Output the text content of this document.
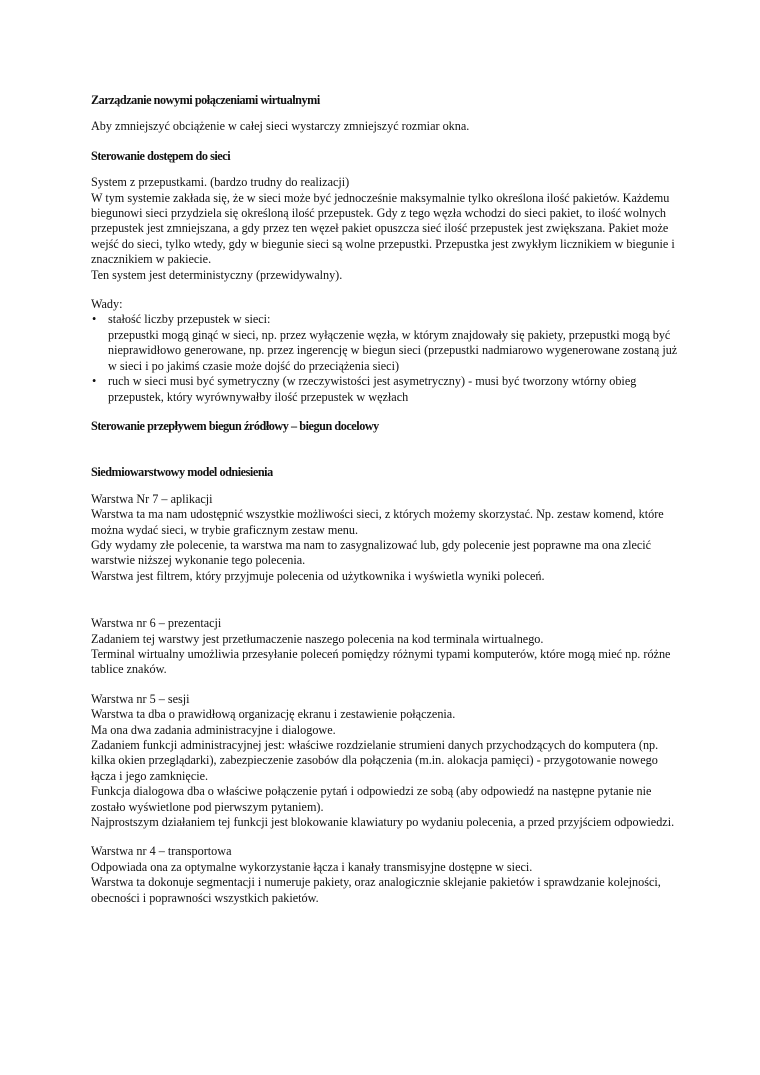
Zarządzanie nowymi połączeniami wirtualnymi

Aby zmniejszyć obciążenie w całej sieci wystarczy zmniejszyć rozmiar okna.

Sterowanie dostępem do sieci

System z przepustkami. (bardzo trudny do realizacji)

W tym systemie zakłada się, że w sieci może być jednocześnie maksymalnie tylko określona ilość pakietów. Każdemu biegunowi sieci przydziela się określoną ilość przepustek. Gdy z tego węzła wchodzi do sieci pakiet, to ilość wolnych przepustek jest zmniejszana, a gdy przez ten węzeł pakiet opuszcza sieć ilość przepustek jest zwiększana. Pakiet może wejść do sieci, tylko wtedy, gdy w biegunie sieci są wolne przepustki. Przepustka jest zwykłym licznikiem w biegunie i znacznikiem w pakiecie.

Ten system jest deterministyczny (przewidywalny).

Wady:

• stałość liczby przepustek w sieci:
przepustki mogą ginąć w sieci, np. przez wyłączenie węzła, w którym znajdowały się pakiety, przepustki mogą być nieprawidłowo generowane, np. przez ingerencję w biegun sieci (przepustki nadmiarowo wygenerowane zostaną już w sieci i po jakimś czasie może dojść do przeciążenia sieci)
• ruch w sieci musi być symetryczny (w rzeczywistości jest asymetryczny) - musi być tworzony wtórny obieg przepustek, który wyrównywałby ilość przepustek w węzłach

Sterowanie przepływem biegun źródłowy – biegun docelowy

Siedmiowarstwowy model odniesienia

Warstwa Nr 7 – aplikacji

Warstwa ta ma nam udostępnić wszystkie możliwości sieci, z których możemy skorzystać. Np. zestaw komend, które można wydać sieci, w trybie graficznym zestaw menu.

Gdy wydamy złe polecenie, ta warstwa ma nam to zasygnalizować lub, gdy polecenie jest poprawne ma ona zlecić warstwie niższej wykonanie tego polecenia.

Warstwa jest filtrem, który przyjmuje polecenia od użytkownika i wyświetla wyniki poleceń.

Warstwa nr 6 – prezentacji

Zadaniem tej warstwy jest przetłumaczenie naszego polecenia na kod terminala wirtualnego.

Terminal wirtualny umożliwia przesyłanie poleceń pomiędzy różnymi typami komputerów, które mogą mieć np. różne tablice znaków.

Warstwa nr 5 – sesji

Warstwa ta dba o prawidłową organizację ekranu i zestawienie połączenia.

Ma ona dwa zadania administracyjne i dialogowe.

Zadaniem funkcji administracyjnej jest: właściwe rozdzielanie strumieni danych przychodzących do komputera (np. kilka okien przeglądarki), zabezpieczenie zasobów dla połączenia (m.in. alokacja pamięci) - przygotowanie nowego łącza i jego zamknięcie.

Funkcja dialogowa dba o właściwe połączenie pytań i odpowiedzi ze sobą (aby odpowiedź na następne pytanie nie zostało wyświetlone pod pierwszym pytaniem).

Najprostszym działaniem tej funkcji jest blokowanie klawiatury po wydaniu polecenia, a przed przyjściem odpowiedzi.

Warstwa nr 4 – transportowa

Odpowiada ona za optymalne wykorzystanie łącza i kanały transmisyjne dostępne w sieci.

Warstwa ta dokonuje segmentacji i numeruje pakiety, oraz analogicznie sklejanie pakietów i sprawdzanie kolejności, obecności i poprawności wszystkich pakietów.
